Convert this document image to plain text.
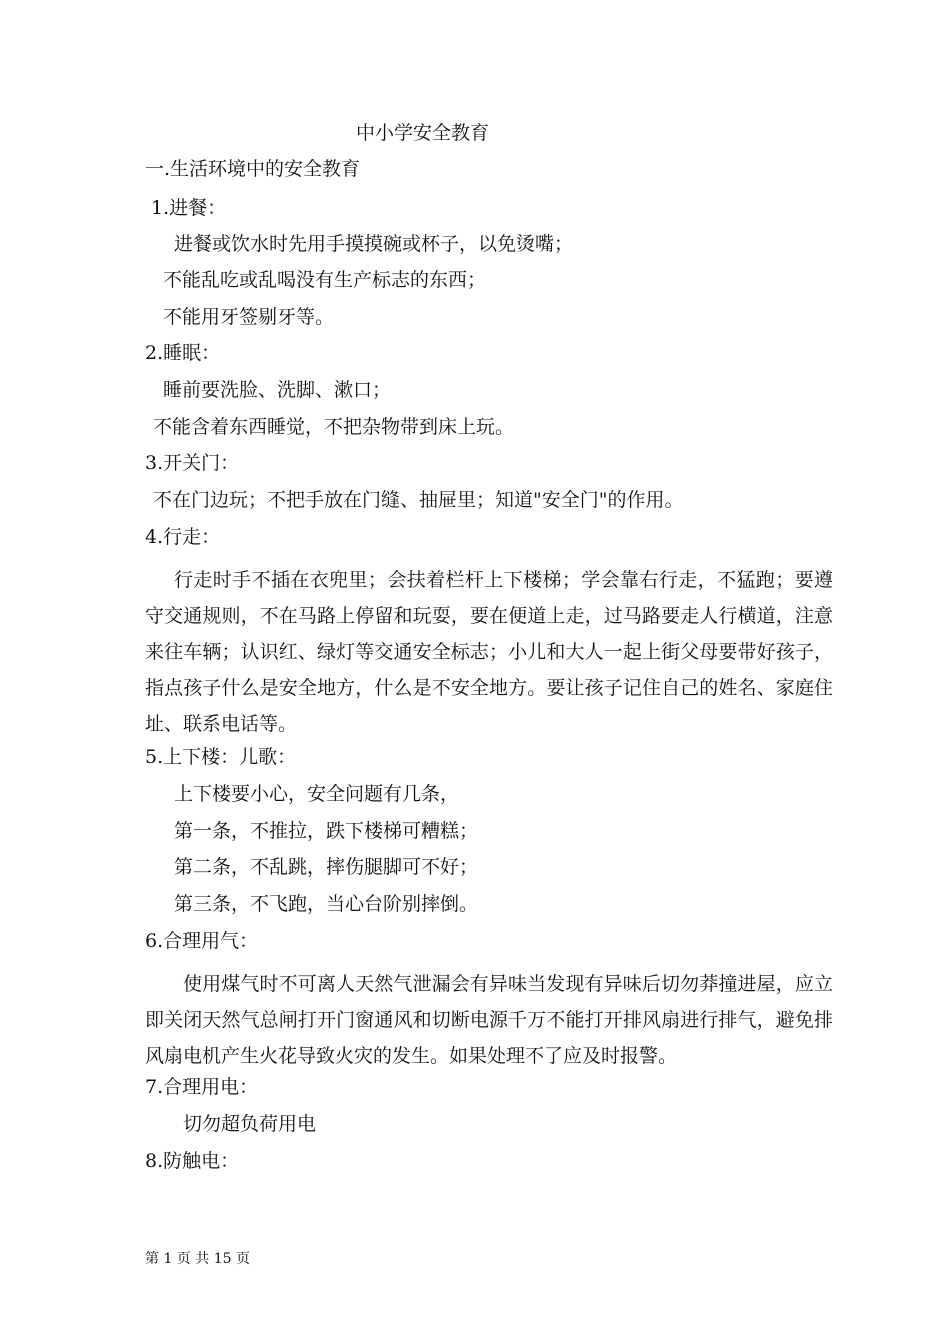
中小学安全教育
一.生活环境中的安全教育
1.进餐：
进餐或饮水时先用手摸摸碗或杯子，以免烫嘴；
不能乱吃或乱喝没有生产标志的东西；
不能用牙签剔牙等。
2.睡眠：
睡前要洗脸、洗脚、漱口；
不能含着东西睡觉，不把杂物带到床上玩。
3.开关门：
不在门边玩；不把手放在门缝、抽屉里；知道"安全门"的作用。
4.行走：
行走时手不插在衣兜里；会扶着栏杆上下楼梯；学会靠右行走，不猛跑；要遵守交通规则，不在马路上停留和玩耍，要在便道上走，过马路要走人行横道，注意来往车辆；认识红、绿灯等交通安全标志；小儿和大人一起上街父母要带好孩子，指点孩子什么是安全地方，什么是不安全地方。要让孩子记住自己的姓名、家庭住址、联系电话等。
5.上下楼：儿歌：
上下楼要小心，安全问题有几条，
第一条，不推拉，跌下楼梯可糟糕；
第二条，不乱跳，摔伤腿脚可不好；
第三条，不飞跑，当心台阶别摔倒。
6.合理用气：
使用煤气时不可离人天然气泄漏会有异味当发现有异味后切勿莽撞进屋，应立即关闭天然气总闸打开门窗通风和切断电源千万不能打开排风扇进行排气，避免排风扇电机产生火花导致火灾的发生。如果处理不了应及时报警。
7.合理用电：
切勿超负荷用电
8.防触电：
第 1 页 共 15 页
